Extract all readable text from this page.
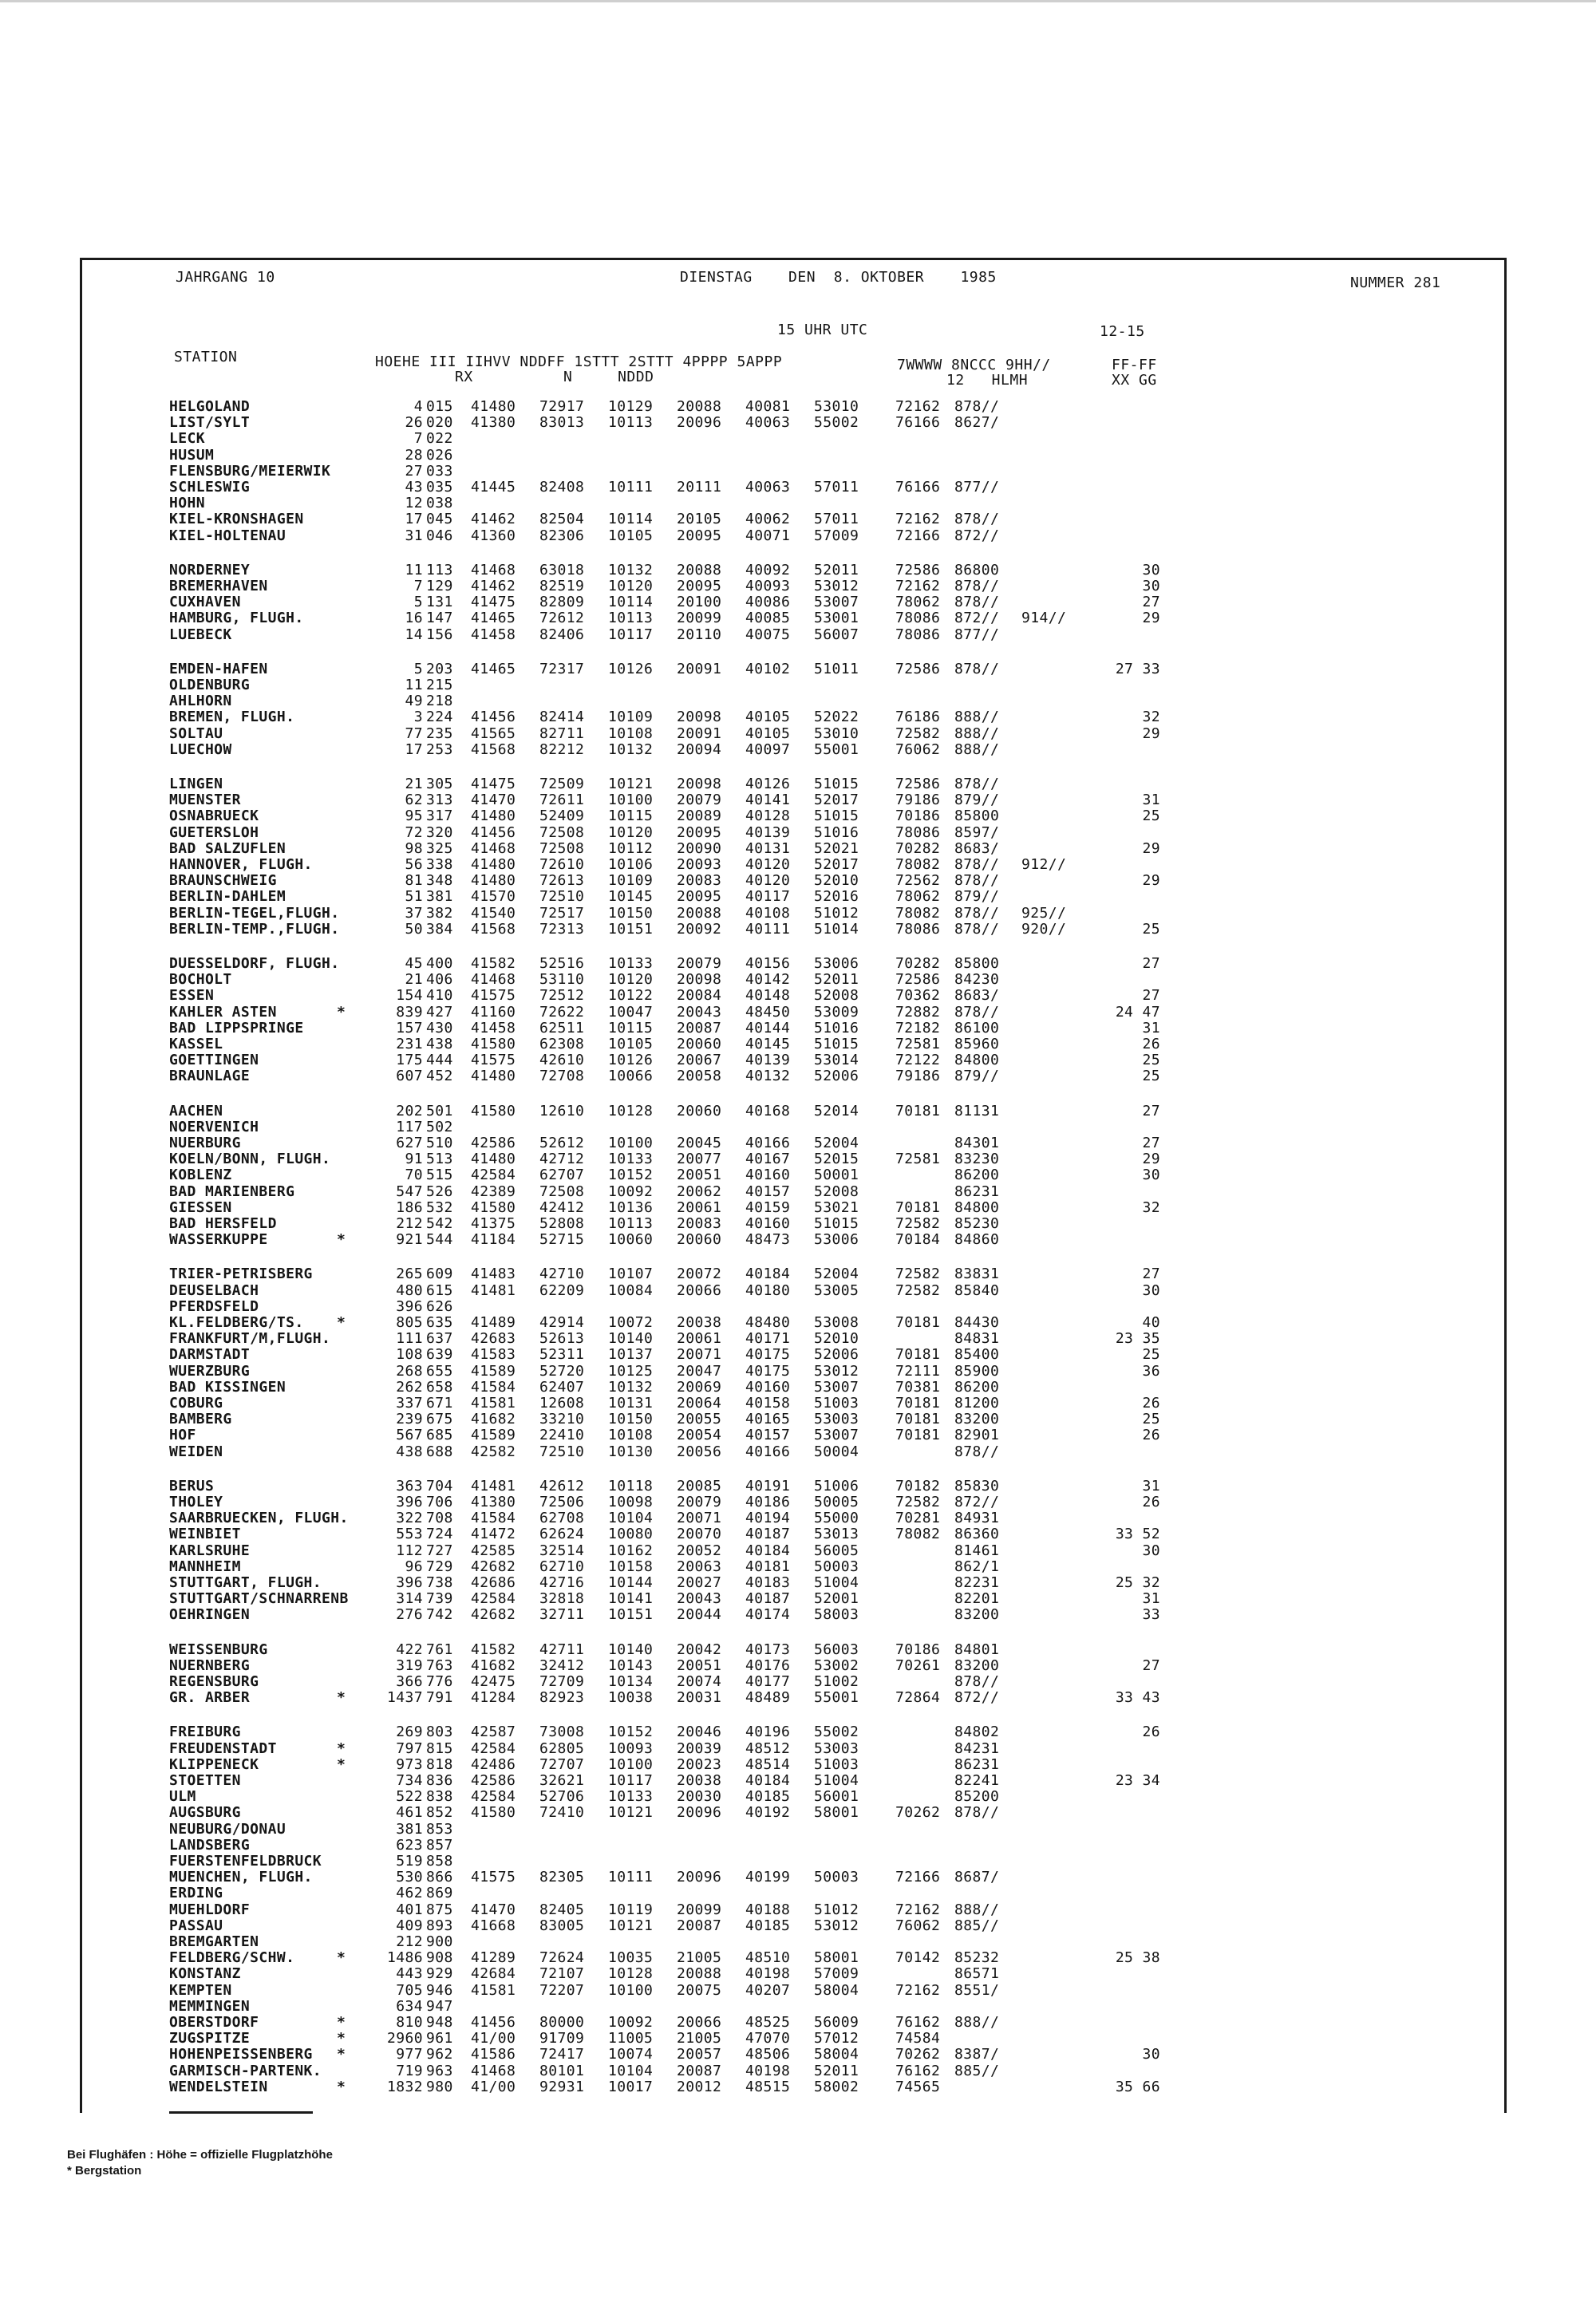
JAHRGANG 10	DIENSTAG    DEN  8. OKTOBER    1985	NUMMER 281
15 UHR UTC	12-15
STATION	HOEHE III IIHVV NDDFF 1STTT 2STTT 4PPPP 5APPP
RX          N     NDDD
7WWWW 8NCCC 9HH//
12   HLMH
FF-FF
XX GG
HELGOLAND	4 015 41480 72917 10129 20088 40081 53010	72162 878//
LIST/SYLT	26 020 41380 83013 10113 20096 40063 55002	76166 8627/
LECK	7 022
HUSUM	28 026
FLENSBURG/MEIERWIK	27 033
SCHLESWIG	43 035 41445 82408 10111 20111 40063 57011	76166 877//
HOHN	12 038
KIEL-KRONSHAGEN	17 045 41462 82504 10114 20105 40062 57011	72162 878//
KIEL-HOLTENAU	31 046 41360 82306 10105 20095 40071 57009	72166 872//
NORDERNEY	11 113 41468 63018 10132 20088 40092 52011	72586 86800	30
BREMERHAVEN	7 129 41462 82519 10120 20095 40093 53012	72162 878//	30
CUXHAVEN	5 131 41475 82809 10114 20100 40086 53007	78062 878//	27
HAMBURG, FLUGH.	16 147 41465 72612 10113 20099 40085 53001	78086 872// 914//	29
LUEBECK	14 156 41458 82406 10117 20110 40075 56007	78086 877//
EMDEN-HAFEN	5 203 41465 72317 10126 20091 40102 51011	72586 878//	27 33
OLDENBURG	11 215
AHLHORN	49 218
BREMEN, FLUGH.	3 224 41456 82414 10109 20098 40105 52022	76186 888//	32
SOLTAU	77 235 41565 82711 10108 20091 40105 53010	72582 888//	29
LUECHOW	17 253 41568 82212 10132 20094 40097 55001	76062 888//
LINGEN	21 305 41475 72509 10121 20098 40126 51015	72586 878//
MUENSTER	62 313 41470 72611 10100 20079 40141 52017	79186 879//	31
OSNABRUECK	95 317 41480 52409 10115 20089 40128 51015	70186 85800	25
GUETERSLOH	72 320 41456 72508 10120 20095 40139 51016	78086 8597/
BAD SALZUFLEN	98 325 41468 72508 10112 20090 40131 52021	70282 8683/	29
HANNOVER, FLUGH.	56 338 41480 72610 10106 20093 40120 52017	78082 878// 912//
BRAUNSCHWEIG	81 348 41480 72613 10109 20083 40120 52010	72562 878//	29
BERLIN-DAHLEM	51 381 41570 72510 10145 20095 40117 52016	78062 879//
BERLIN-TEGEL,FLUGH.	37 382 41540 72517 10150 20088 40108 51012	78082 878// 925//
BERLIN-TEMP.,FLUGH.	50 384 41568 72313 10151 20092 40111 51014	78086 878// 920//	25
DUESSELDORF, FLUGH.	45 400 41582 52516 10133 20079 40156 53006	70282 85800	27
BOCHOLT	21 406 41468 53110 10120 20098 40142 52011	72586 84230
ESSEN	154 410 41575 72512 10122 20084 40148 52008	70362 8683/	27
KAHLER ASTEN	*	839 427 41160 72622 10047 20043 48450 53009	72882 878//	24 47
BAD LIPPSPRINGE	157 430 41458 62511 10115 20087 40144 51016	72182 86100	31
KASSEL	231 438 41580 62308 10105 20060 40145 51015	72581 85960	26
GOETTINGEN	175 444 41575 42610 10126 20067 40139 53014	72122 84800	25
BRAUNLAGE	607 452 41480 72708 10066 20058 40132 52006	79186 879//	25
AACHEN	202 501 41580 12610 10128 20060 40168 52014	70181 81131	27
NOERVENICH	117 502
NUERBURG	627 510 42586 52612 10100 20045 40166 52004	84301	27
KOELN/BONN, FLUGH.	91 513 41480 42712 10133 20077 40167 52015	72581 83230	29
KOBLENZ	70 515 42584 62707 10152 20051 40160 50001	86200	30
BAD MARIENBERG	547 526 42389 72508 10092 20062 40157 52008	86231
GIESSEN	186 532 41580 42412 10136 20061 40159 53021	70181 84800	32
BAD HERSFELD	212 542 41375 52808 10113 20083 40160 51015	72582 85230
WASSERKUPPE	*	921 544 41184 52715 10060 20060 48473 53006	70184 84860
TRIER-PETRISBERG	265 609 41483 42710 10107 20072 40184 52004	72582 83831	27
DEUSELBACH	480 615 41481 62209 10084 20066 40180 53005	72582 85840	30
PFERDSFELD	396 626
KL.FELDBERG/TS. *	805 635 41489 42914 10072 20038 48480 53008	70181 84430	40
FRANKFURT/M,FLUGH.	111 637 42683 52613 10140 20061 40171 52010	84831	23 35
DARMSTADT	108 639 41583 52311 10137 20071 40175 52006	70181 85400	25
WUERZBURG	268 655 41589 52720 10125 20047 40175 53012	72111 85900	36
BAD KISSINGEN	262 658 41584 62407 10132 20069 40160 53007	70381 86200
COBURG	337 671 41581 12608 10131 20064 40158 51003	70181 81200	26
BAMBERG	239 675 41682 33210 10150 20055 40165 53003	70181 83200	25
HOF	567 685 41589 22410 10108 20054 40157 53007	70181 82901	26
WEIDEN	438 688 42582 72510 10130 20056 40166 50004	878//
BERUS	363 704 41481 42612 10118 20085 40191 51006	70182 85830	31
THOLEY	396 706 41380 72506 10098 20079 40186 50005	72582 872//	26
SAARBRUECKEN, FLUGH.	322 708 41584 62708 10104 20071 40194 55000	70281 84931
WEINBIET	553 724 41472 62624 10080 20070 40187 53013	78082 86360	33 52
KARLSRUHE	112 727 42585 32514 10162 20052 40184 56005	81461	30
MANNHEIM	96 729 42682 62710 10158 20063 40181 50003	862/1
STUTTGART, FLUGH.	396 738 42686 42716 10144 20027 40183 51004	82231	25 32
STUTTGART/SCHNARRENB	314 739 42584 32818 10141 20043 40187 52001	82201	31
OEHRINGEN	276 742 42682 32711 10151 20044 40174 58003	83200	33
WEISSENBURG	422 761 41582 42711 10140 20042 40173 56003	70186 84801
NUERNBERG	319 763 41682 32412 10143 20051 40176 53002	70261 83200	27
REGENSBURG	366 776 42475 72709 10134 20074 40177 51002	878//
GR. ARBER	*	1437 791 41284 82923 10038 20031 48489 55001	72864 872//	33 43
FREIBURG	269 803 42587 73008 10152 20046 40196 55002	84802	26
FREUDENSTADT	*	797 815 42584 62805 10093 20039 48512 53003	84231
KLIPPENECK	*	973 818 42486 72707 10100 20023 48514 51003	86231
STOETTEN	734 836 42586 32621 10117 20038 40184 51004	82241	23 34
ULM	522 838 42584 52706 10133 20030 40185 56001	85200
AUGSBURG	461 852 41580 72410 10121 20096 40192 58001	70262 878//
NEUBURG/DONAU	381 853
LANDSBERG	623 857
FUERSTENFELDBRUCK	519 858
MUENCHEN, FLUGH.	530 866 41575 82305 10111 20096 40199 50003	72166 8687/
ERDING	462 869
MUEHLDORF	401 875 41470 82405 10119 20099 40188 51012	72162 888//
PASSAU	409 893 41668 83005 10121 20087 40185 53012	76062 885//
BREMGARTEN	212 900
FELDBERG/SCHW.	*	1486 908 41289 72624 10035 21005 48510 58001	70142 85232	25 38
KONSTANZ	443 929 42684 72107 10128 20088 40198 57009	86571
KEMPTEN	705 946 41581 72207 10100 20075 40207 58004	72162 8551/
MEMMINGEN	634 947
OBERSTDORF	*	810 948 41456 80000 10092 20066 48525 56009	76162 888//
ZUGSPITZE	*	2960 961 41/00 91709 11005 21005 47070 57012	74584
HOHENPEISSENBERG *	977 962 41586 72417 10074 20057 48506 58004	70262 8387/	30
GARMISCH-PARTENK.	719 963 41468 80101 10104 20087 40198 52011	76162 885//
WENDELSTEIN	*	1832 980 41/00 92931 10017 20012 48515 58002	74565	35 66
Bei Flughäfen : Höhe = offizielle Flugplatzhöhe
* Bergstation
